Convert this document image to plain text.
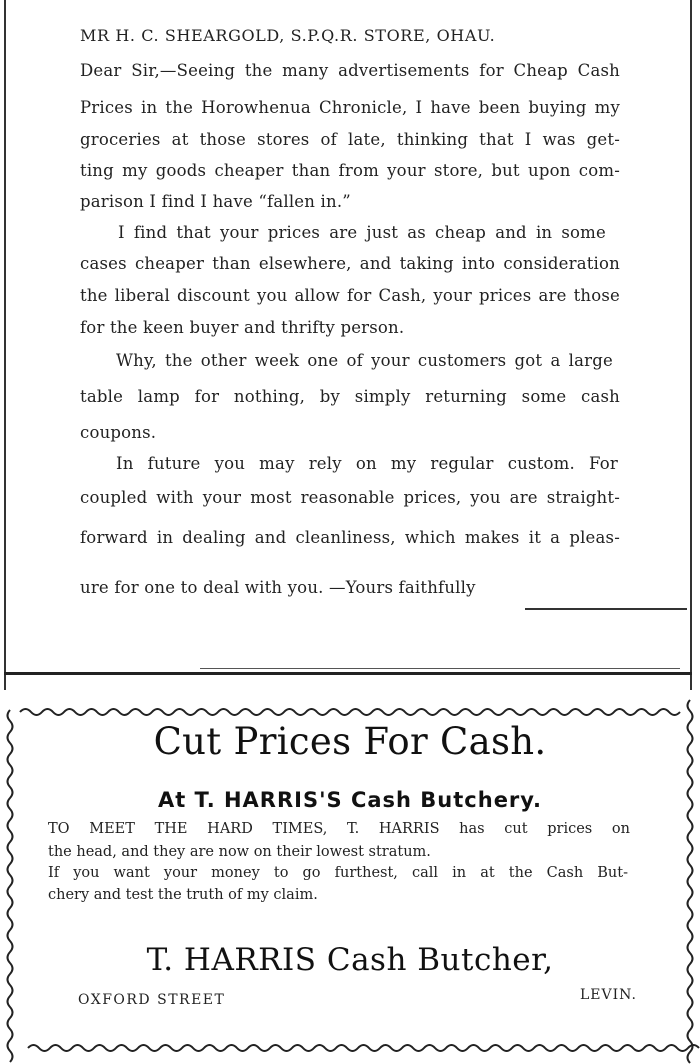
MR H. C. SHEARGOLD, S.P.Q.R. STORE, OHAU.
Dear Sir,—Seeing the many advertisements for Cheap Cash
Prices in the Horowhenua Chronicle, I have been buying my
groceries at those stores of late, thinking that I was get-
ting my goods cheaper than from your store, but upon com-
parison I find I have “fallen in.”
I find that your prices are just as cheap and in some
cases cheaper than elsewhere, and taking into consideration
the liberal discount you allow for Cash, your prices are those
for the keen buyer and thrifty person.
Why, the other week one of your customers got a large
table lamp for nothing, by simply returning some cash
coupons.
In future you may rely on my regular custom. For
coupled with your most reasonable prices, you are straight-
forward in dealing and cleanliness, which makes it a pleas-
ure for one to deal with you. —Yours faithfully
Cut Prices For Cash.
At T. HARRIS'S Cash Butchery.
TO MEET THE HARD TIMES, T. HARRIS has cut prices on
the head, and they are now on their lowest stratum.
If you want your money to go furthest, call in at the Cash But-
chery and test the truth of my claim.
T. HARRIS Cash Butcher,
OXFORD STREET	LEVIN.
